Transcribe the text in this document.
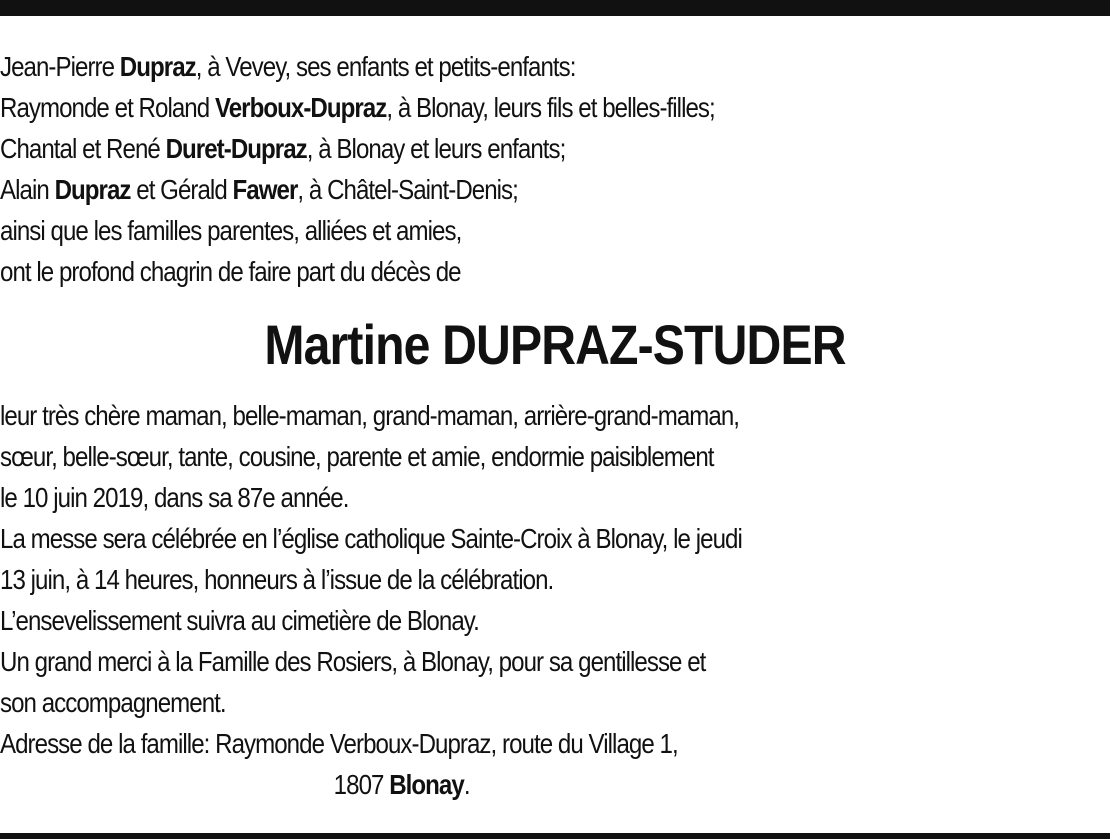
Jean-Pierre Dupraz, à Vevey, ses enfants et petits-enfants:
Raymonde et Roland Verboux-Dupraz, à Blonay, leurs fils et belles-filles;
Chantal et René Duret-Dupraz, à Blonay et leurs enfants;
Alain Dupraz et Gérald Fawer, à Châtel-Saint-Denis;
ainsi que les familles parentes, alliées et amies,
ont le profond chagrin de faire part du décès de
Martine DUPRAZ-STUDER
leur très chère maman, belle-maman, grand-maman, arrière-grand-maman,
sœur, belle-sœur, tante, cousine, parente et amie, endormie paisiblement
le 10 juin 2019, dans sa 87e année.
La messe sera célébrée en l’église catholique Sainte-Croix à Blonay, le jeudi
13 juin, à 14 heures, honneurs à l’issue de la célébration.
L’ensevelissement suivra au cimetière de Blonay.
Un grand merci à la Famille des Rosiers, à Blonay, pour sa gentillesse et
son accompagnement.
Adresse de la famille: Raymonde Verboux-Dupraz, route du Village 1,
1807 Blonay.
